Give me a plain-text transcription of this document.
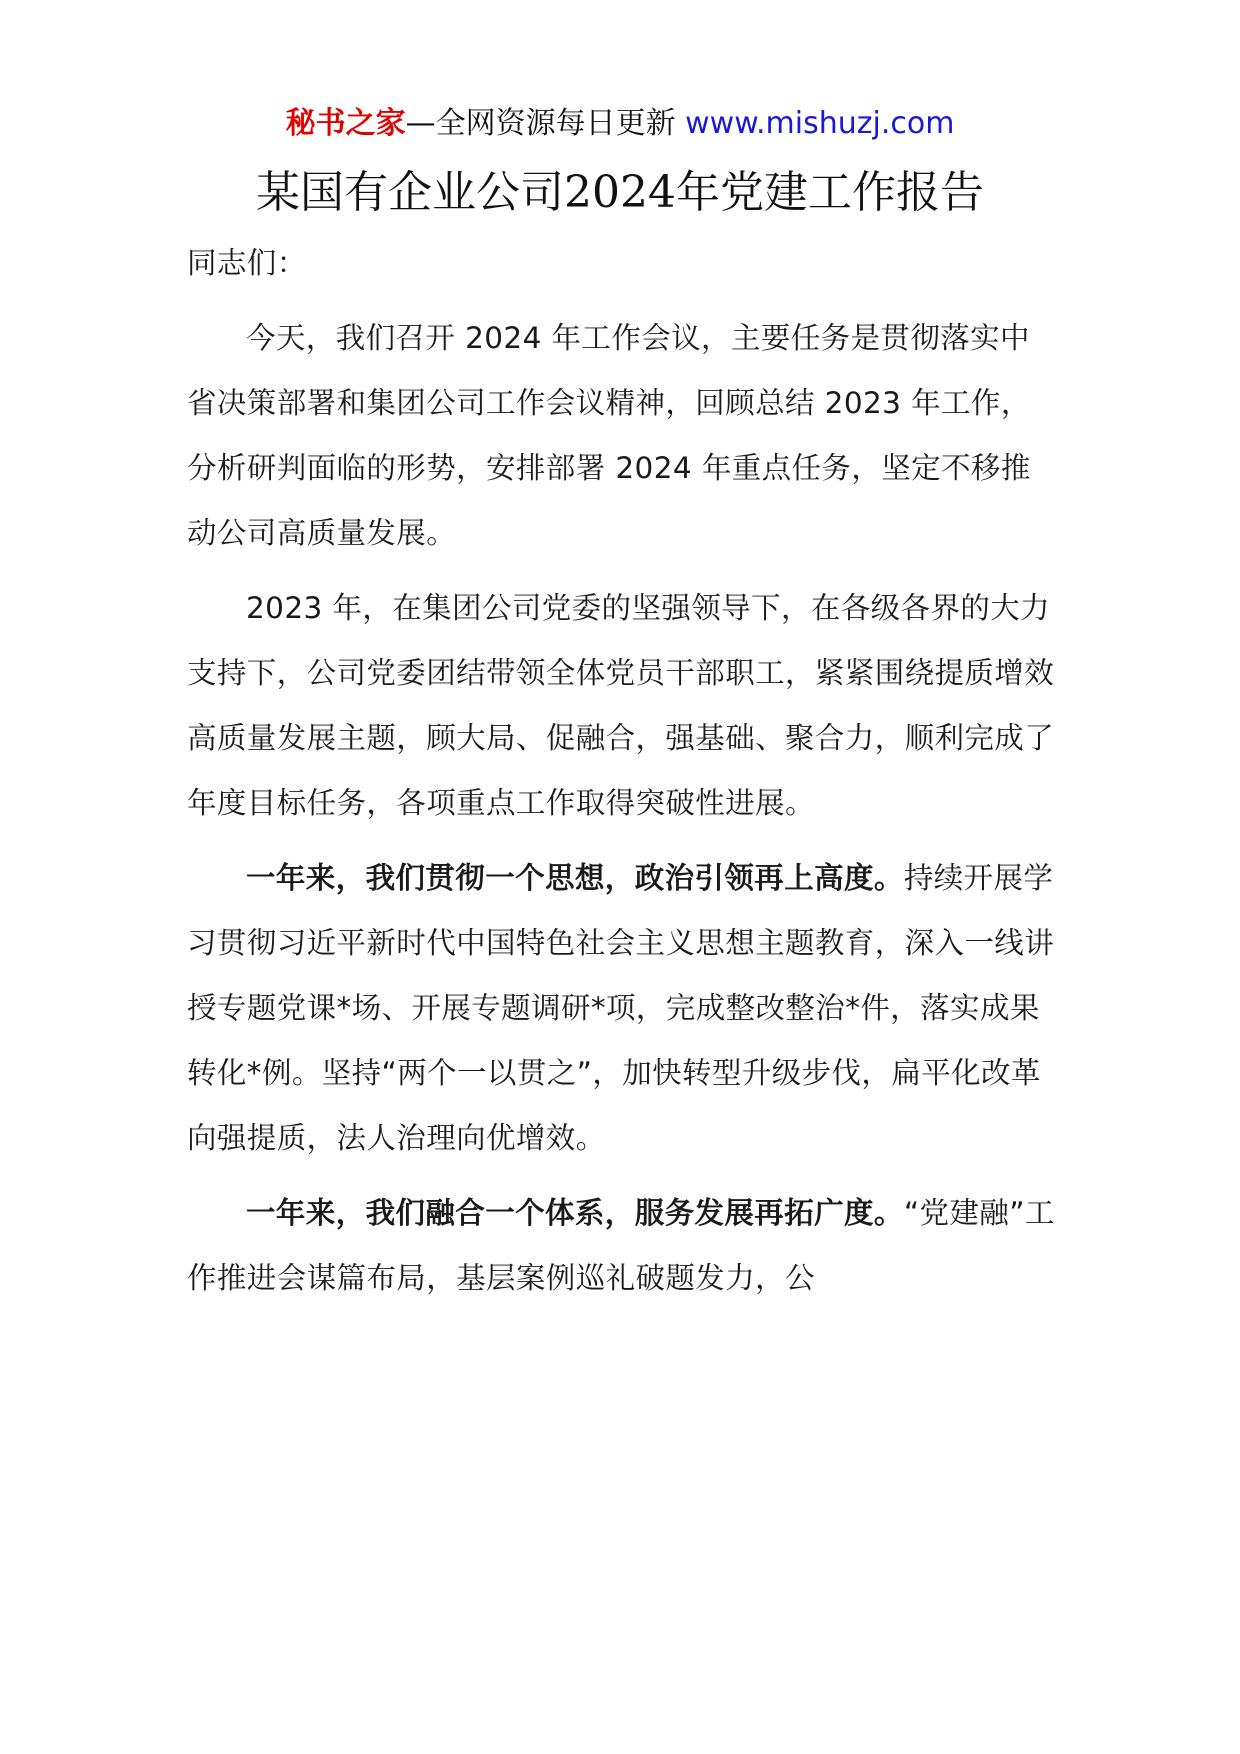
秘书之家—全网资源每日更新 www.mishuzj.com
某国有企业公司2024年党建工作报告

同志们：

今天，我们召开 2024 年工作会议，主要任务是贯彻落实中省决策部署和集团公司工作会议精神，回顾总结 2023 年工作，分析研判面临的形势，安排部署 2024 年重点任务，坚定不移推动公司高质量发展。

2023 年，在集团公司党委的坚强领导下，在各级各界的大力支持下，公司党委团结带领全体党员干部职工，紧紧围绕提质增效高质量发展主题，顾大局、促融合，强基础、聚合力，顺利完成了年度目标任务，各项重点工作取得突破性进展。

一年来，我们贯彻一个思想，政治引领再上高度。持续开展学习贯彻习近平新时代中国特色社会主义思想主题教育，深入一线讲授专题党课*场、开展专题调研*项，完成整改整治*件，落实成果转化*例。坚持“两个一以贯之”，加快转型升级步伐，扁平化改革向强提质，法人治理向优增效。

一年来，我们融合一个体系，服务发展再拓广度。“党建融”工作推进会谋篇布局，基层案例巡礼破题发力，公
